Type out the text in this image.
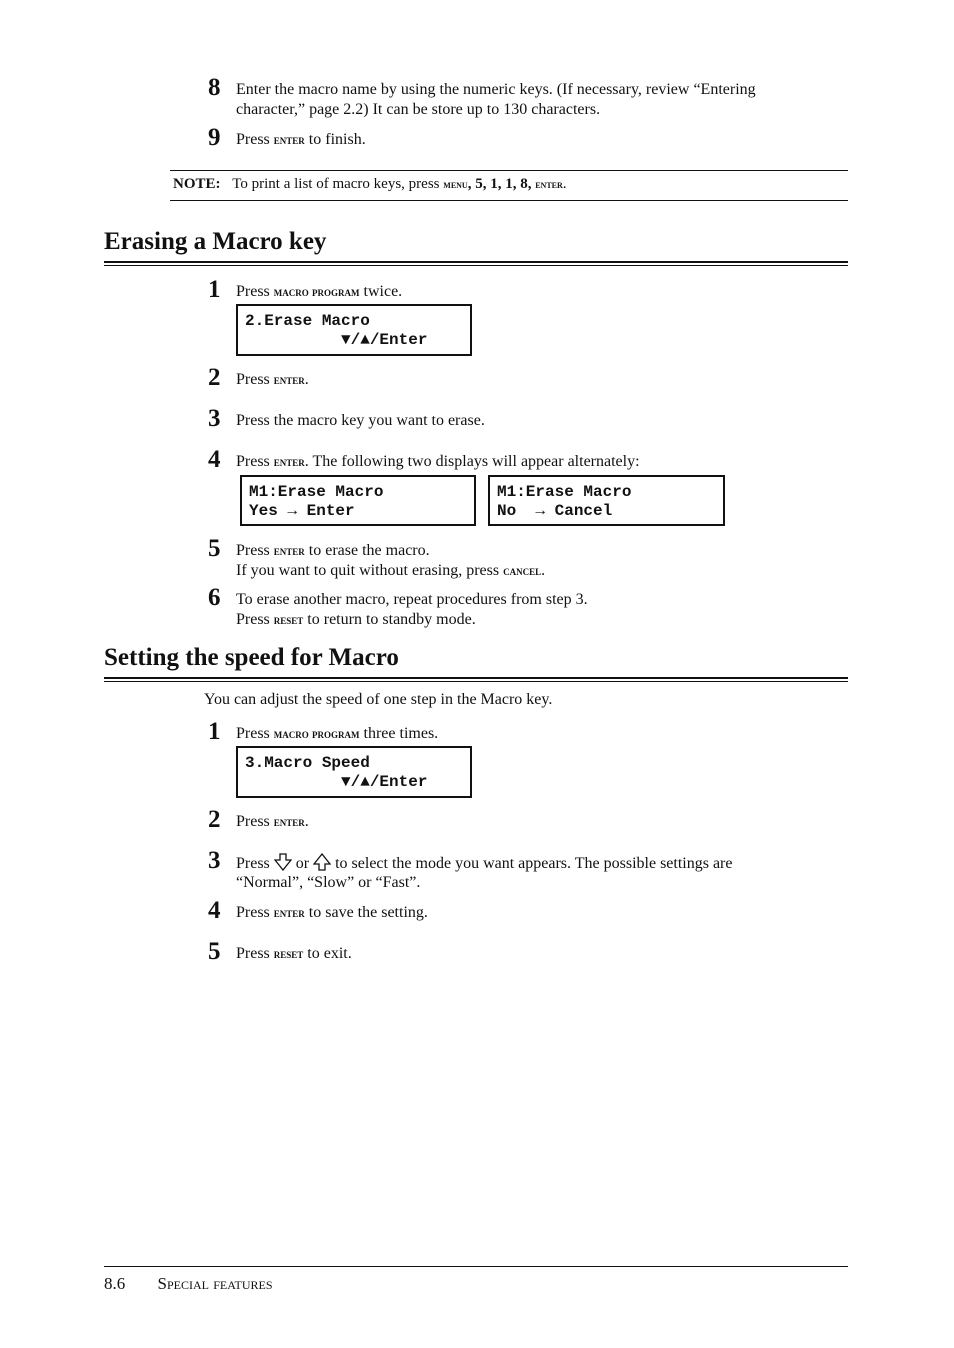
8 Enter the macro name by using the numeric keys. (If necessary, review “Entering
character,” page 2.2) It can be store up to 130 characters.
9 Press enter to finish.
NOTE: To print a list of macro keys, press menu, 5, 1, 1, 8, enter.
Erasing a Macro key
1 Press macro program twice.
2.Erase Macro
▼/▲/Enter
2 Press enter.
3 Press the macro key you want to erase.
4 Press enter. The following two displays will appear alternately:
M1:Erase Macro
Yes → Enter
M1:Erase Macro
No  → Cancel
5 Press enter to erase the macro.
If you want to quit without erasing, press cancel.
6 To erase another macro, repeat procedures from step 3.
Press reset to return to standby mode.
Setting the speed for Macro
You can adjust the speed of one step in the Macro key.
1 Press macro program three times.
3.Macro Speed
▼/▲/Enter
2 Press enter.
3 Press  or  to select the mode you want appears. The possible settings are
“Normal”, “Slow” or “Fast”.
4 Press enter to save the setting.
5 Press reset to exit.
8.6 Special features
